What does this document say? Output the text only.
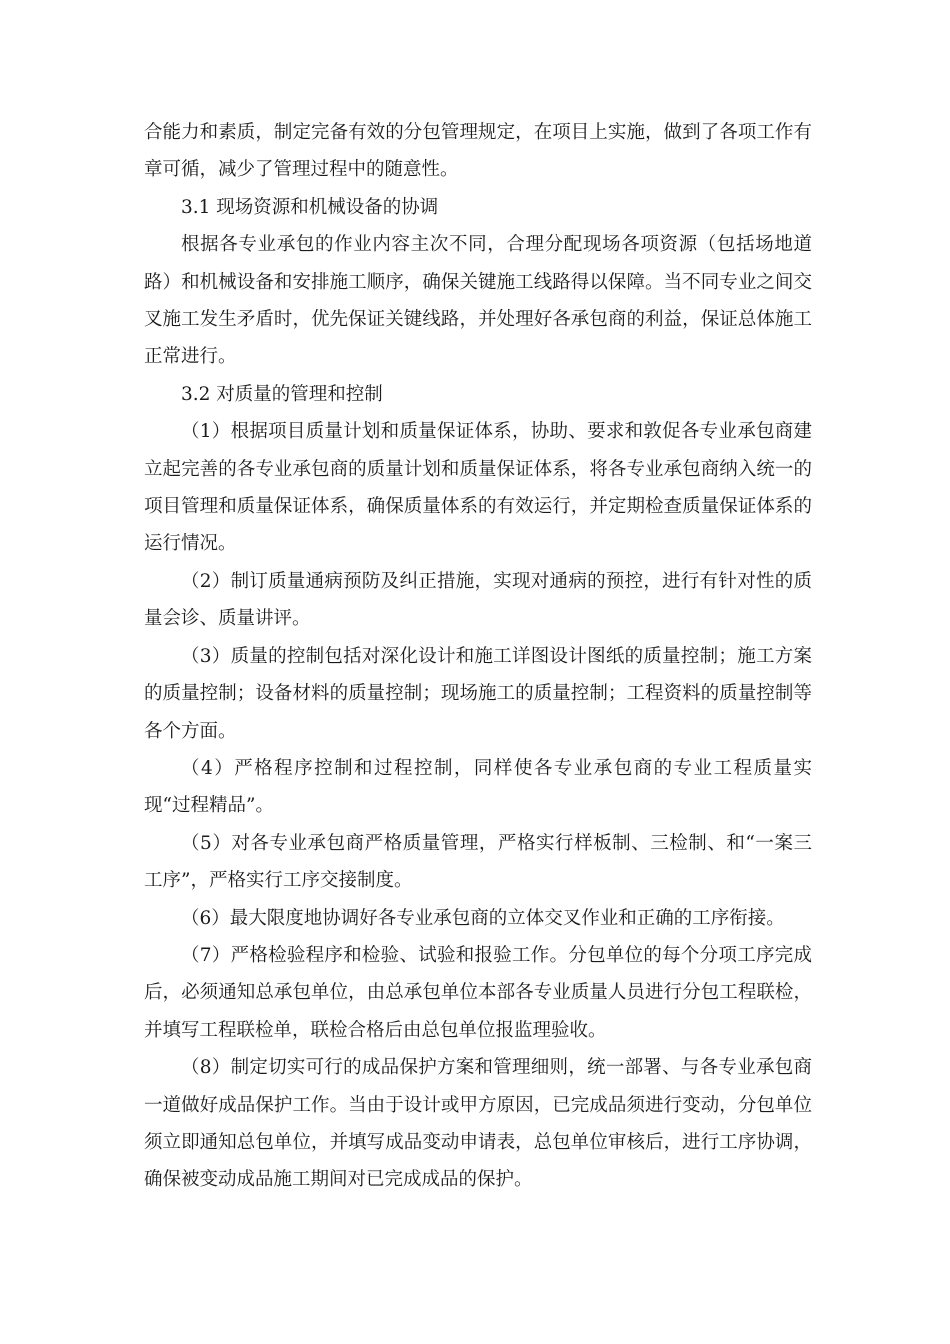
合能力和素质，制定完备有效的分包管理规定，在项目上实施，做到了各项工作有章可循，减少了管理过程中的随意性。

3.1 现场资源和机械设备的协调

根据各专业承包的作业内容主次不同，合理分配现场各项资源（包括场地道路）和机械设备和安排施工顺序，确保关键施工线路得以保障。当不同专业之间交叉施工发生矛盾时，优先保证关键线路，并处理好各承包商的利益，保证总体施工正常进行。

3.2 对质量的管理和控制

（1）根据项目质量计划和质量保证体系，协助、要求和敦促各专业承包商建立起完善的各专业承包商的质量计划和质量保证体系，将各专业承包商纳入统一的项目管理和质量保证体系，确保质量体系的有效运行，并定期检查质量保证体系的运行情况。

（2）制订质量通病预防及纠正措施，实现对通病的预控，进行有针对性的质量会诊、质量讲评。

（3）质量的控制包括对深化设计和施工详图设计图纸的质量控制；施工方案的质量控制；设备材料的质量控制；现场施工的质量控制；工程资料的质量控制等各个方面。

（4）严格程序控制和过程控制，同样使各专业承包商的专业工程质量实现“过程精品”。

（5）对各专业承包商严格质量管理，严格实行样板制、三检制、和“一案三工序”，严格实行工序交接制度。

（6）最大限度地协调好各专业承包商的立体交叉作业和正确的工序衔接。

（7）严格检验程序和检验、试验和报验工作。分包单位的每个分项工序完成后，必须通知总承包单位，由总承包单位本部各专业质量人员进行分包工程联检，并填写工程联检单，联检合格后由总包单位报监理验收。

（8）制定切实可行的成品保护方案和管理细则，统一部署、与各专业承包商一道做好成品保护工作。当由于设计或甲方原因，已完成品须进行变动，分包单位须立即通知总包单位，并填写成品变动申请表，总包单位审核后，进行工序协调，确保被变动成品施工期间对已完成成品的保护。
